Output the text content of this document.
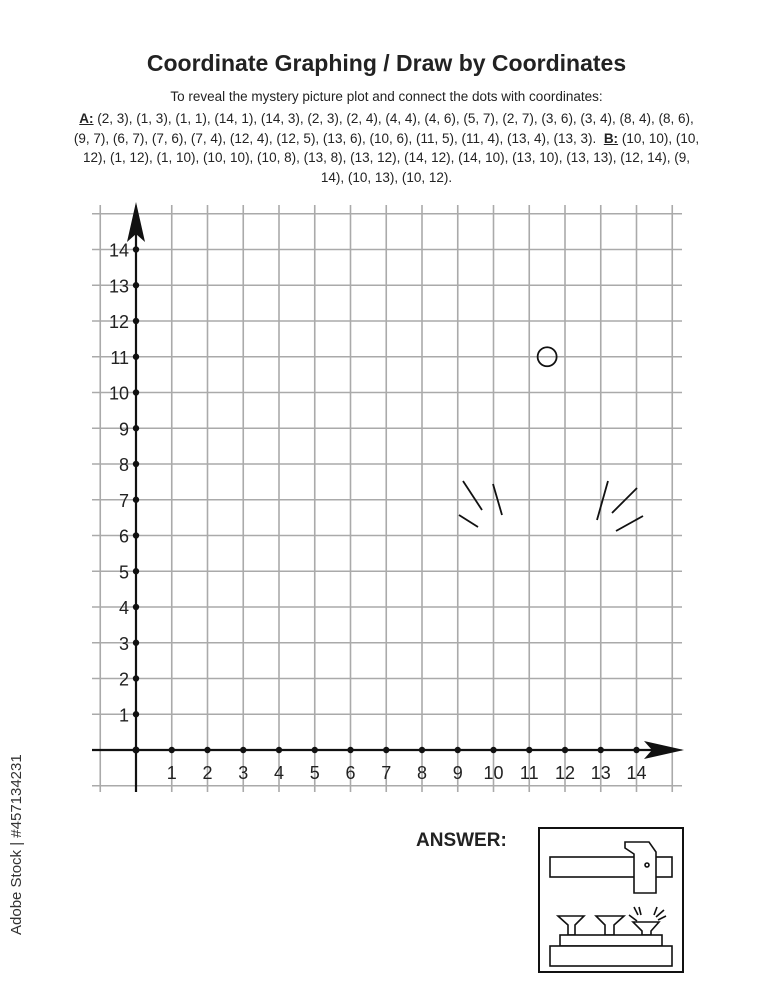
Coordinate Graphing / Draw by Coordinates
To reveal the mystery picture plot and connect the dots with coordinates:
A: (2, 3), (1, 3), (1, 1), (14, 1), (14, 3), (2, 3), (2, 4), (4, 4), (4, 6), (5, 7), (2, 7), (3, 6), (3, 4), (8, 4), (8, 6), (9, 7), (6, 7), (7, 6), (7, 4), (12, 4), (12, 5), (13, 6), (10, 6), (11, 5), (11, 4), (13, 4), (13, 3). B: (10, 10), (10, 12), (1, 12), (1, 10), (10, 10), (10, 8), (13, 8), (13, 12), (14, 12), (14, 10), (13, 10), (13, 13), (12, 14), (9, 14), (10, 13), (10, 12).
1 2 3 4 5 6 7 8 9 10 11 12 13 14
1
2
3
4
5
6
7
8
9
10
11
12
13
14
ANSWER:
Adobe Stock | #457134231
